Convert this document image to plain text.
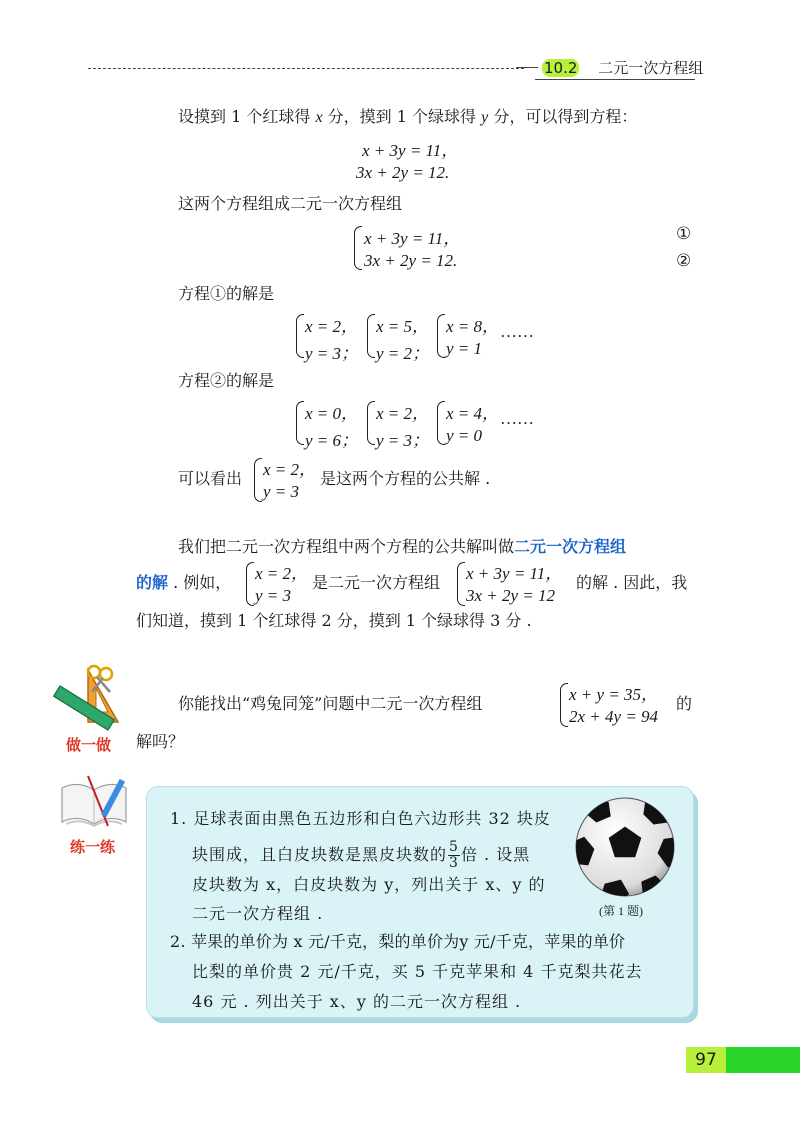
10.2 二元一次方程组
设摸到 1 个红球得 x 分，摸到 1 个绿球得 y 分，可以得到方程：
x + 3y = 11，
3x + 2y = 12.
这两个方程组成二元一次方程组
x + 3y = 11，
3x + 2y = 12.
①
②
方程①的解是
x = 2，
y = 3；
x = 5，
y = 2；
x = 8，
y = 1
……
方程②的解是
x = 0，
y = 6；
x = 2，
y = 3；
x = 4，
y = 0
……
可以看出 x = 2，
y = 3
是这两个方程的公共解 .
我们把二元一次方程组中两个方程的公共解叫做二元一次方程组
的解 . 例如， x = 2，
y = 3
是二元一次方程组 x + 3y = 11，
3x + 2y = 12
的解 . 因此，我
们知道，摸到 1 个红球得 2 分，摸到 1 个绿球得 3 分 .
做一做
你能找出“鸡兔同笼”问题中二元一次方程组	x + y = 35，
2x + 4y = 94
的
解吗？
练一练
1. 足球表面由黑色五边形和白色六边形共 32 块皮
块围成，且白皮块数是黑皮块数的 $\frac{5}{3}$ 倍 . 设黑
皮块数为 x，白皮块数为 y，列出关于 x、y 的
二元一次方程组 .	(第 1 题)
2. 苹果的单价为 x 元/千克，梨的单价为y 元/千克，苹果的单价
比梨的单价贵 2 元/千克，买 5 千克苹果和 4 千克梨共花去
46 元 . 列出关于 x、y 的二元一次方程组 .
97
